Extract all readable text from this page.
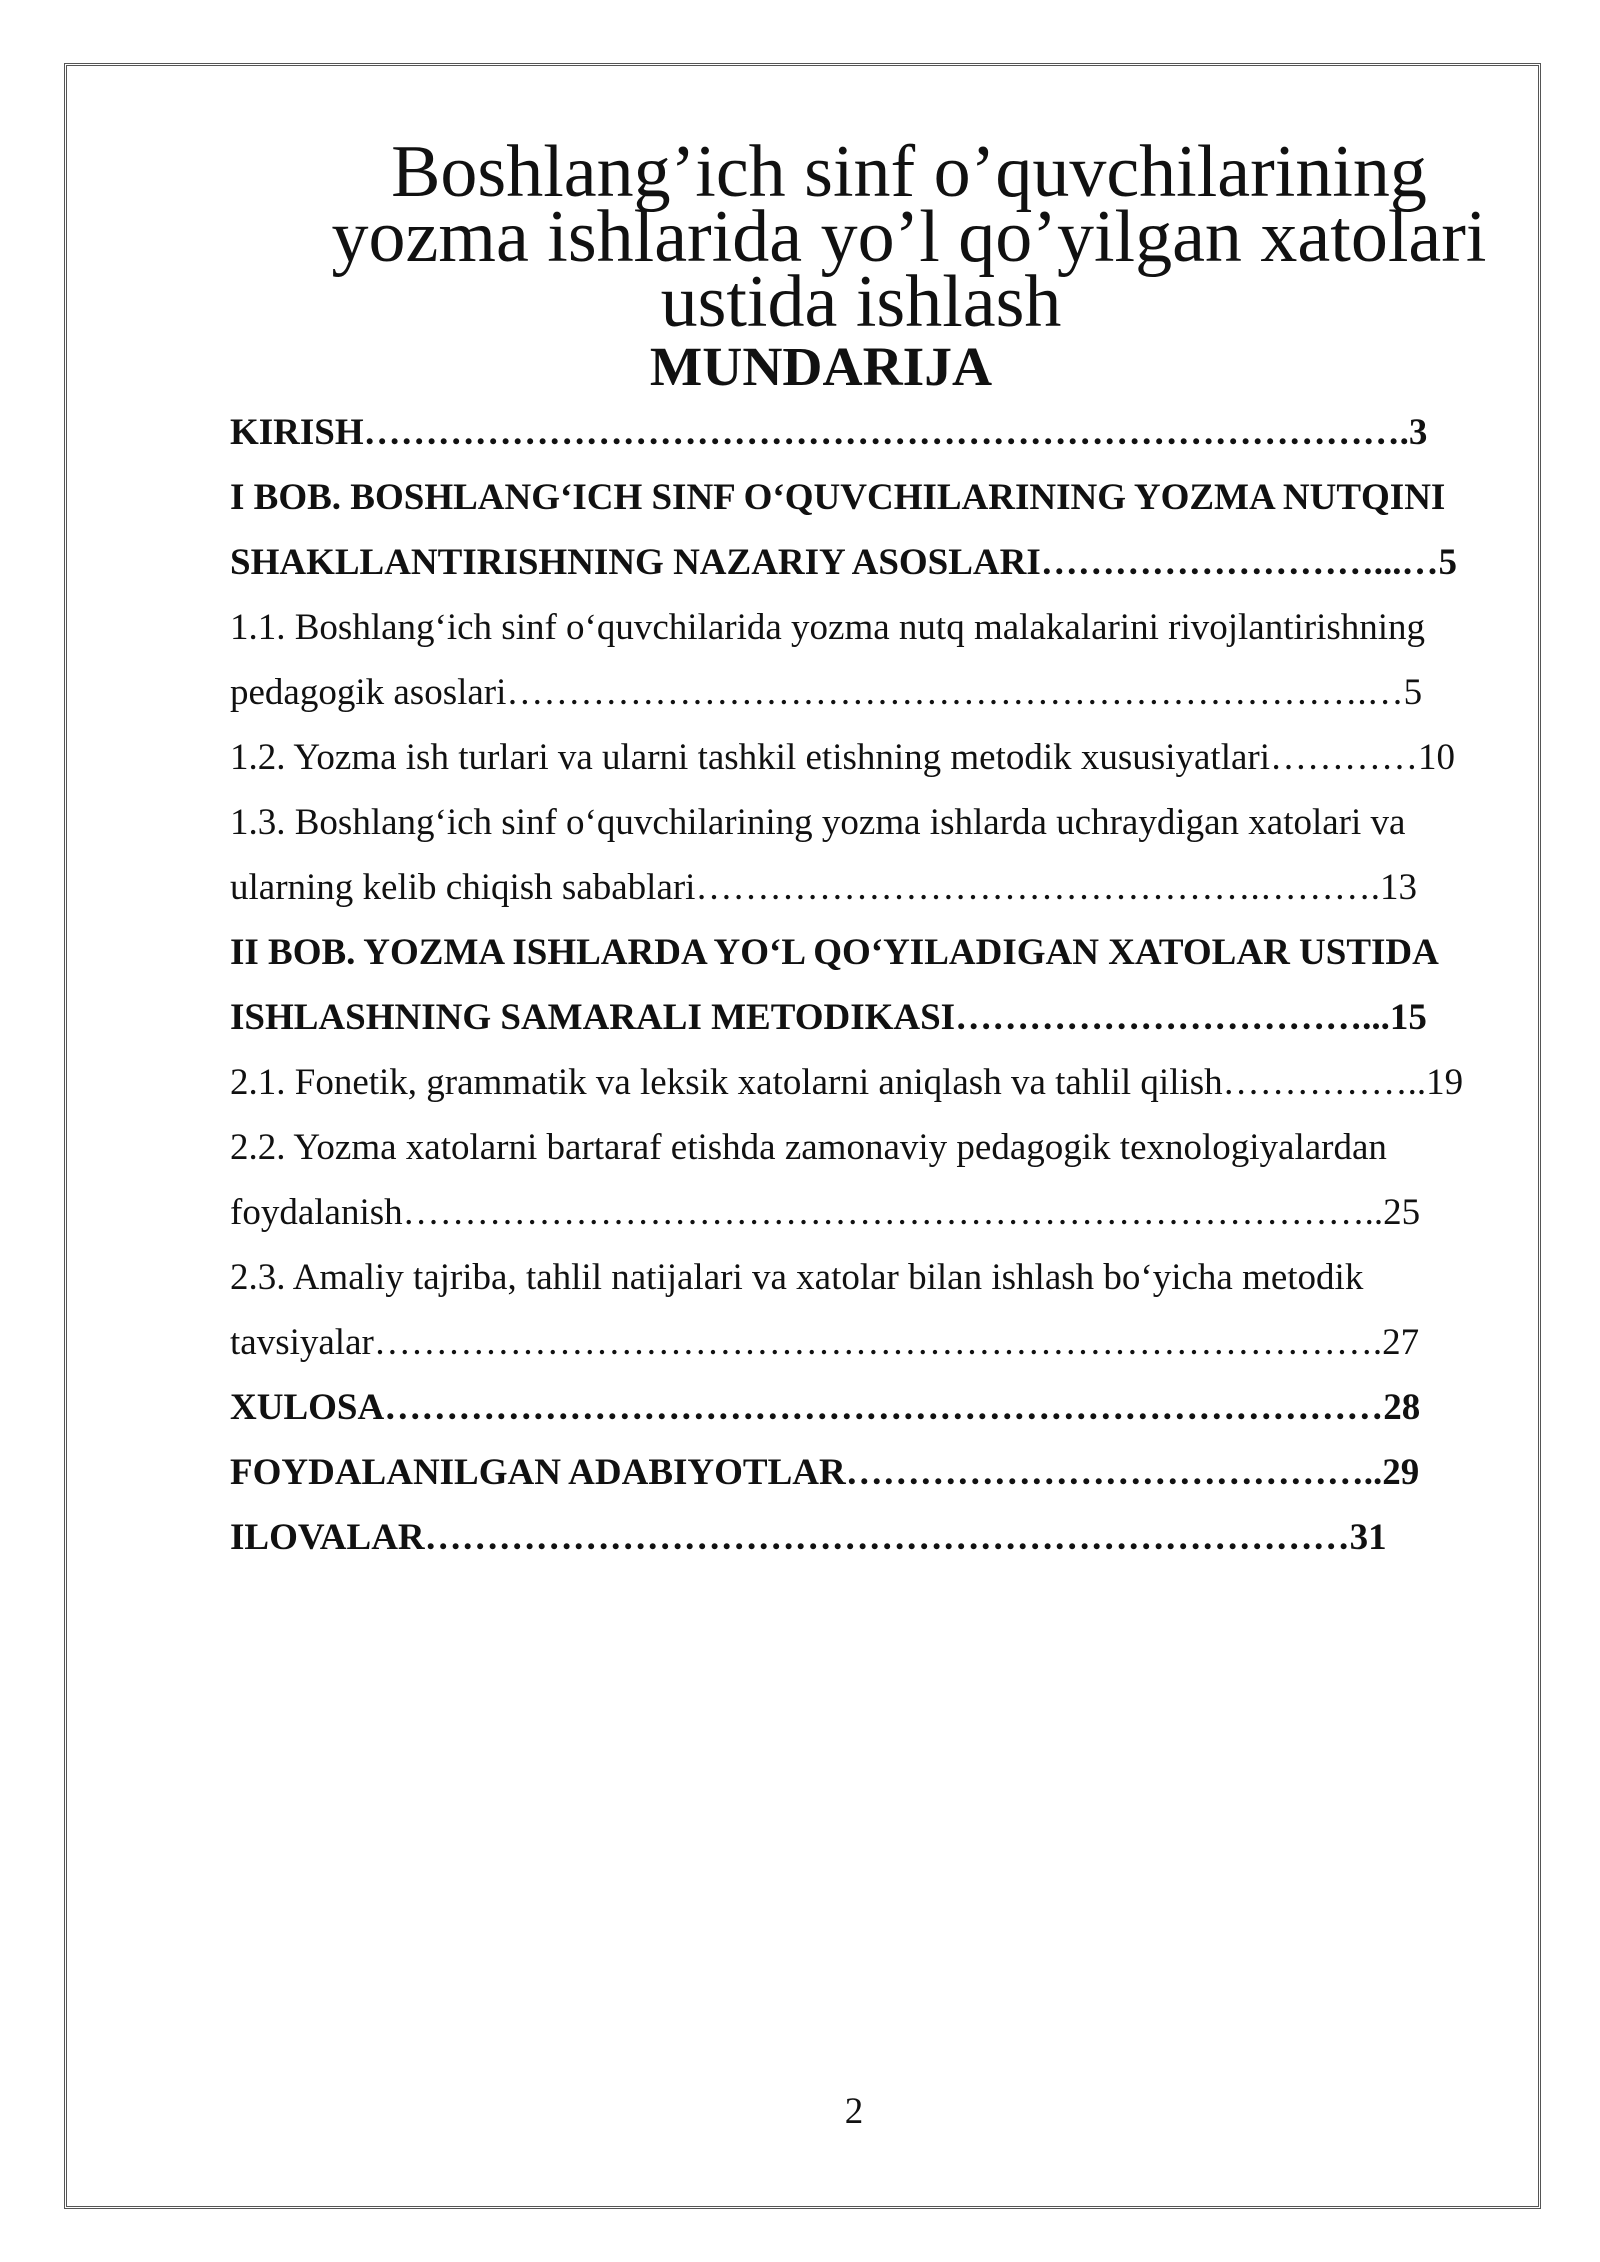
Boshlang’ich sinf o’quvchilarining yozma ishlarida yo’l qo’yilgan xatolari
ustida ishlash
MUNDARIJA
KIRISH………………………………………………………………………….3
I BOB. BOSHLANG‘ICH SINF O‘QUVCHILARINING YOZMA NUTQINI
SHAKLLANTIRISHNING NAZARIY ASOSLARI………………………...…5
1.1. Boshlang‘ich sinf o‘quvchilarida yozma nutq malakalarini rivojlantirishning
pedagogik asoslari…………………………………………………………….…5
1.2. Yozma ish turlari va ularni tashkil etishning metodik xususiyatlari…………10
1.3. Boshlang‘ich sinf o‘quvchilarining yozma ishlarda uchraydigan xatolari va
ularning kelib chiqish sabablari……………………………………….……….13
II BOB. YOZMA ISHLARDA YO‘L QO‘YILADIGAN XATOLAR USTIDA
ISHLASHNING SAMARALI METODIKASI……………………………...15
2.1. Fonetik, grammatik va leksik xatolarni aniqlash va tahlil qilish……………..19
2.2. Yozma xatolarni bartaraf etishda zamonaviy pedagogik texnologiyalardan
foydalanish……………………………………………………………………..25
2.3. Amaliy tajriba, tahlil natijalari va xatolar bilan ishlash bo‘yicha metodik
tavsiyalar……………………………………………………………………….27
XULOSA………………………………………………………………………28
FOYDALANILGAN ADABIYOTLAR……………………………………..29
ILOVALAR…………………………………………………………………31
2
